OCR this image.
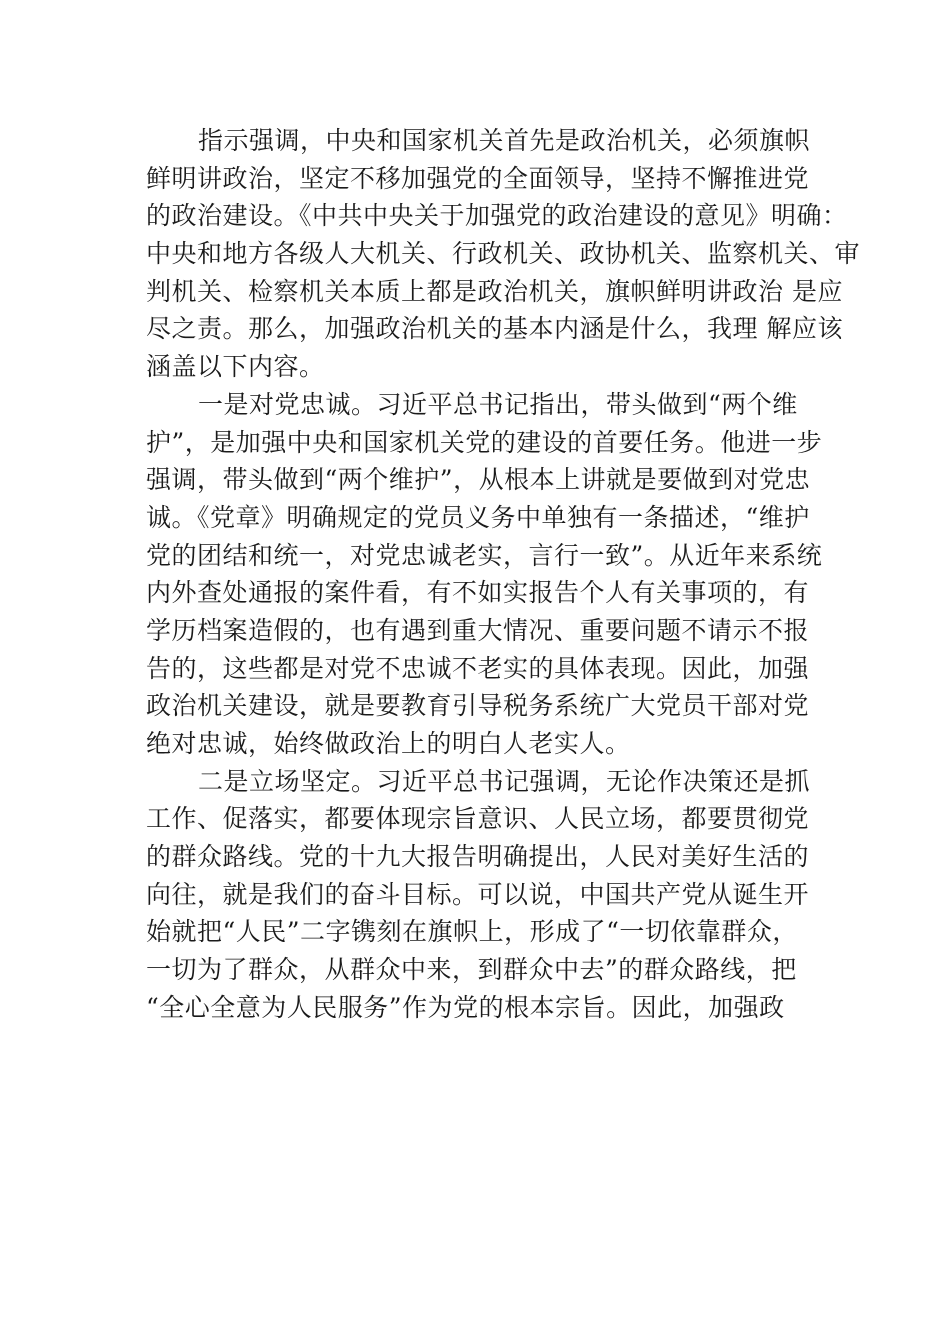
指示强调，中央和国家机关首先是政治机关，必须旗帜
鲜明讲政治，坚定不移加强党的全面领导，坚持不懈推进党
的政治建设。《中共中央关于加强党的政治建设的意见》明确：
中央和地方各级人大机关、行政机关、政协机关、监察机关、审
判机关、检察机关本质上都是政治机关，旗帜鲜明讲政治 是应
尽之责。那么，加强政治机关的基本内涵是什么，我理 解应该
涵盖以下内容。
一是对党忠诚。习近平总书记指出，带头做到“两个维
护”，是加强中央和国家机关党的建设的首要任务。他进一步
强调，带头做到“两个维护”，从根本上讲就是要做到对党忠
诚。《党章》明确规定的党员义务中单独有一条描述，“维护
党的团结和统一，对党忠诚老实，言行一致”。从近年来系统
内外查处通报的案件看，有不如实报告个人有关事项的，有
学历档案造假的，也有遇到重大情况、重要问题不请示不报
告的，这些都是对党不忠诚不老实的具体表现。因此，加强
政治机关建设，就是要教育引导税务系统广大党员干部对党
绝对忠诚，始终做政治上的明白人老实人。
二是立场坚定。习近平总书记强调，无论作决策还是抓
工作、促落实，都要体现宗旨意识、人民立场，都要贯彻党
的群众路线。党的十九大报告明确提出，人民对美好生活的
向往，就是我们的奋斗目标。可以说，中国共产党从诞生开
始就把“人民”二字镌刻在旗帜上，形成了“一切依靠群众，
一切为了群众，从群众中来，到群众中去”的群众路线，把
“全心全意为人民服务”作为党的根本宗旨。因此，加强政
